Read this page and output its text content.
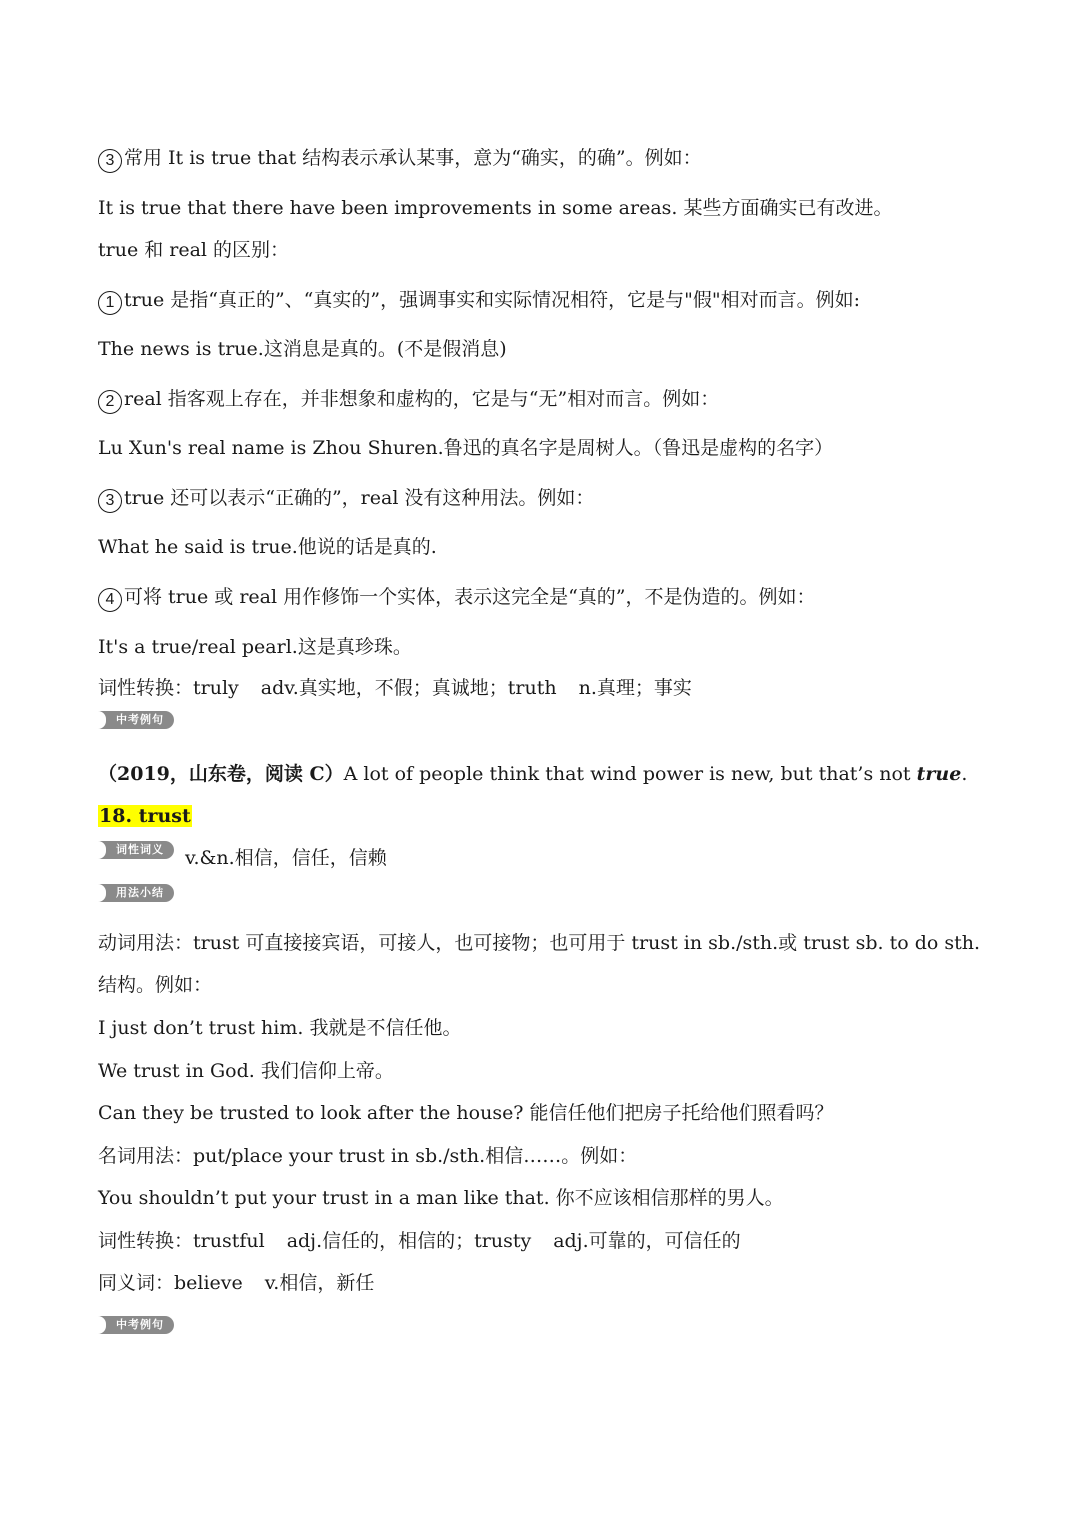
3 常用 It is true that 结构表示承认某事，意为“确实，的确”。例如：
It is true that there have been improvements in some areas. 某些方面确实已有改进。
true 和 real 的区别：
1 true 是指“真正的”、“真实的”，强调事实和实际情况相符，它是与"假"相对而言。例如:
The news is true.这消息是真的。(不是假消息)
2 real 指客观上存在，并非想象和虚构的，它是与“无”相对而言。例如：
Lu Xun's real name is Zhou Shuren.鲁迅的真名字是周树人。（鲁迅是虚构的名字）
3 true 还可以表示“正确的”，real 没有这种用法。例如：
What he said is true.他说的话是真的.
4 可将 true 或 real 用作修饰一个实体，表示这完全是“真的”，不是伪造的。例如：
It's a true/real pearl.这是真珍珠。
词性转换：truly adv.真实地，不假；真诚地；truth n.真理；事实
中考例句
（2019，山东卷，阅读 C）A lot of people think that wind power is new, but that’s not true.
18. trust
词性词义	v.&n.相信，信任，信赖
用法小结
动词用法：trust 可直接接宾语，可接人，也可接物；也可用于 trust in sb./sth.或 trust sb. to do sth.
结构。例如：
I just don’t trust him. 我就是不信任他。
We trust in God. 我们信仰上帝。
Can they be trusted to look after the house? 能信任他们把房子托给他们照看吗？
名词用法：put/place your trust in sb./sth.相信……。例如：
You shouldn’t put your trust in a man like that. 你不应该相信那样的男人。
词性转换：trustful adj.信任的，相信的；trusty adj.可靠的，可信任的
同义词：believe v.相信，新任
中考例句
